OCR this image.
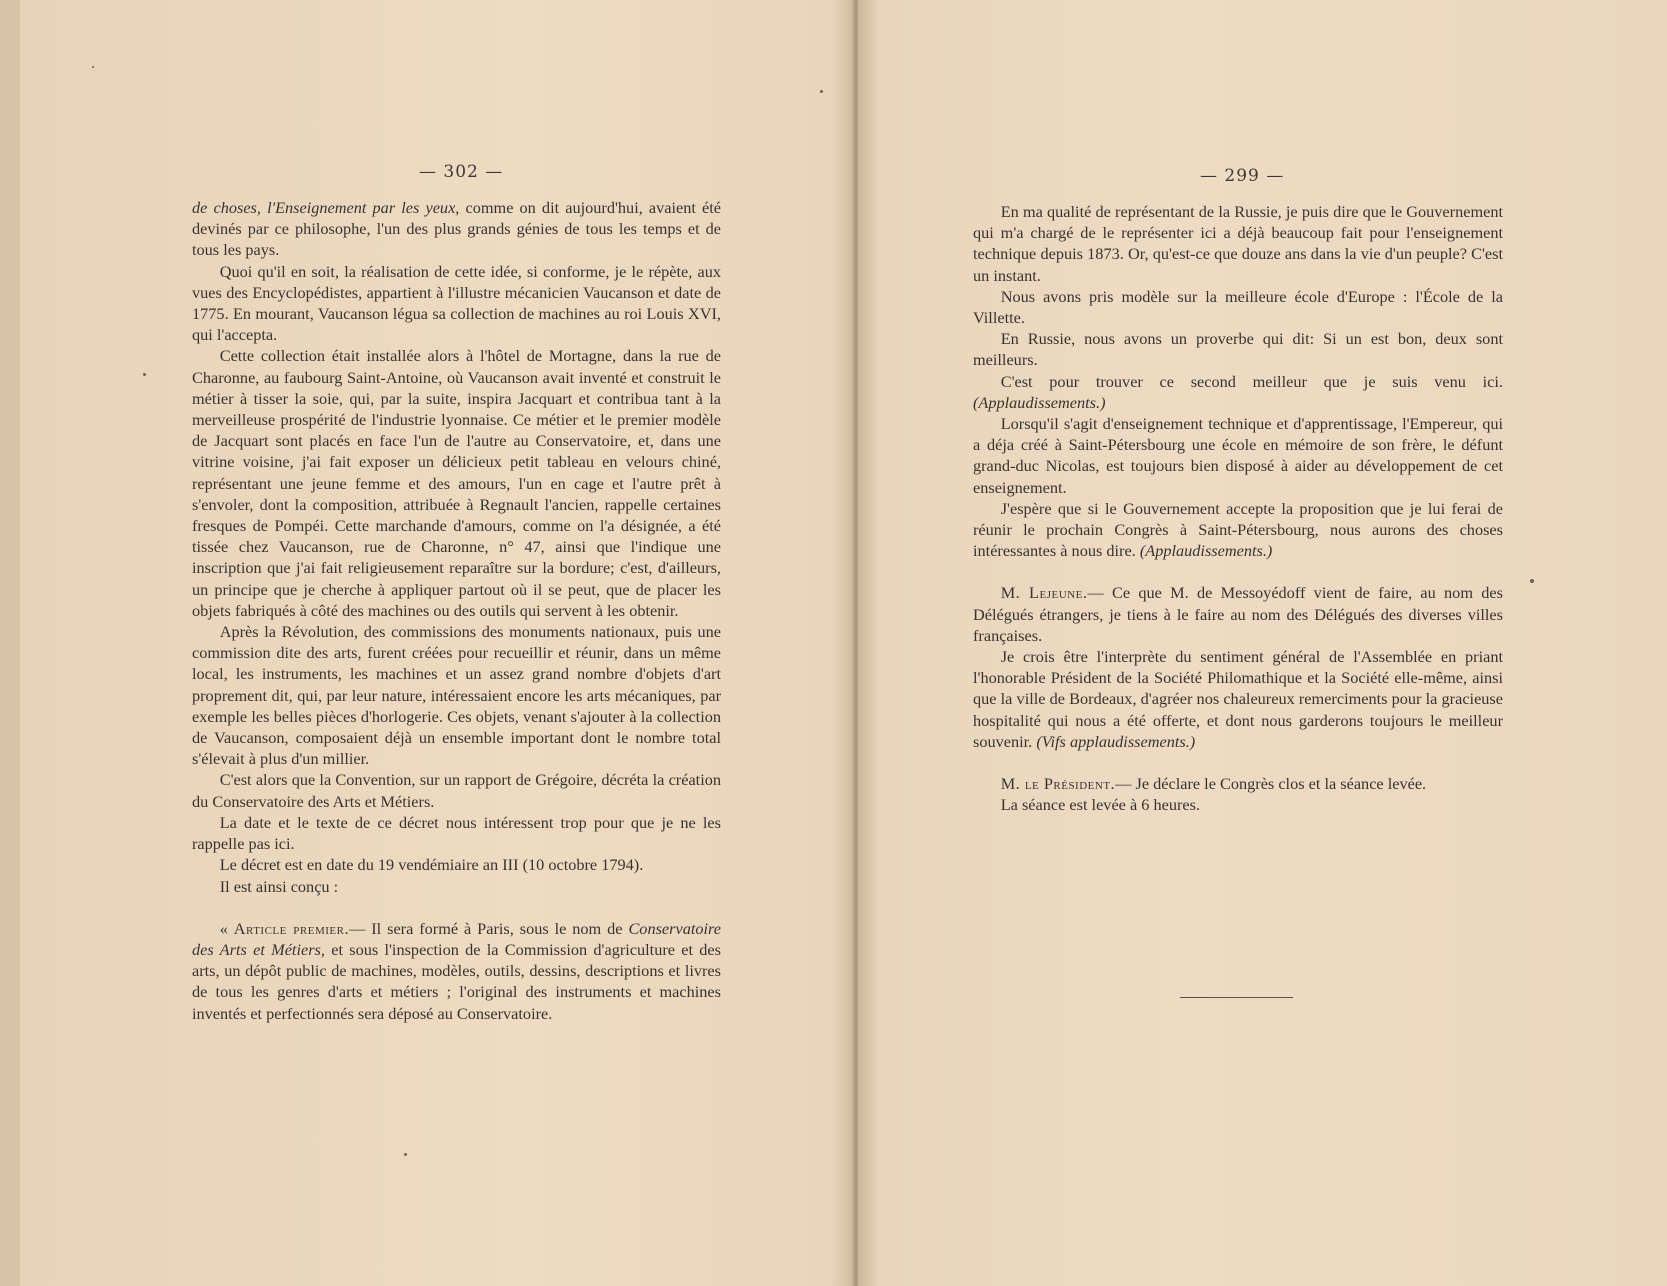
— 302 —

de choses, l'Enseignement par les yeux, comme on dit aujourd'hui, avaient été devinés par ce philosophe, l'un des plus grands génies de tous les temps et de tous les pays.

Quoi qu'il en soit, la réalisation de cette idée, si conforme, je le répète, aux vues des Encyclopédistes, appartient à l'illustre mécanicien Vaucanson et date de 1775. En mourant, Vaucanson légua sa collection de machines au roi Louis XVI, qui l'accepta.

Cette collection était installée alors à l'hôtel de Mortagne, dans la rue de Charonne, au faubourg Saint-Antoine, où Vaucanson avait inventé et construit le métier à tisser la soie, qui, par la suite, inspira Jacquart et contribua tant à la merveilleuse prospérité de l'industrie lyonnaise. Ce métier et le premier modèle de Jacquart sont placés en face l'un de l'autre au Conservatoire, et, dans une vitrine voisine, j'ai fait exposer un délicieux petit tableau en velours chiné, représentant une jeune femme et des amours, l'un en cage et l'autre prêt à s'envoler, dont la composition, attribuée à Regnault l'ancien, rappelle certaines fresques de Pompéi. Cette marchande d'amours, comme on l'a désignée, a été tissée chez Vaucanson, rue de Charonne, n° 47, ainsi que l'indique une inscription que j'ai fait religieusement reparaître sur la bordure; c'est, d'ailleurs, un principe que je cherche à appliquer partout où il se peut, que de placer les objets fabriqués à côté des machines ou des outils qui servent à les obtenir.

Après la Révolution, des commissions des monuments nationaux, puis une commission dite des arts, furent créées pour recueillir et réunir, dans un même local, les instruments, les machines et un assez grand nombre d'objets d'art proprement dit, qui, par leur nature, intéressaient encore les arts mécaniques, par exemple les belles pièces d'horlogerie. Ces objets, venant s'ajouter à la collection de Vaucanson, composaient déjà un ensemble important dont le nombre total s'élevait à plus d'un millier.

C'est alors que la Convention, sur un rapport de Grégoire, décréta la création du Conservatoire des Arts et Métiers.

La date et le texte de ce décret nous intéressent trop pour que je ne les rappelle pas ici.

Le décret est en date du 19 vendémiaire an III (10 octobre 1794).

Il est ainsi conçu :

« Article premier.— Il sera formé à Paris, sous le nom de Conservatoire des Arts et Métiers, et sous l'inspection de la Commission d'agriculture et des arts, un dépôt public de machines, modèles, outils, dessins, descriptions et livres de tous les genres d'arts et métiers ; l'original des instruments et machines inventés et perfectionnés sera déposé au Conservatoire.

— 299 —

En ma qualité de représentant de la Russie, je puis dire que le Gouvernement qui m'a chargé de le représenter ici a déjà beaucoup fait pour l'enseignement technique depuis 1873. Or, qu'est-ce que douze ans dans la vie d'un peuple? C'est un instant.

Nous avons pris modèle sur la meilleure école d'Europe : l'École de la Villette.

En Russie, nous avons un proverbe qui dit: Si un est bon, deux sont meilleurs.

C'est pour trouver ce second meilleur que je suis venu ici. (Applaudissements.)

Lorsqu'il s'agit d'enseignement technique et d'apprentissage, l'Empereur, qui a déja créé à Saint-Pétersbourg une école en mémoire de son frère, le défunt grand-duc Nicolas, est toujours bien disposé à aider au développement de cet enseignement.

J'espère que si le Gouvernement accepte la proposition que je lui ferai de réunir le prochain Congrès à Saint-Pétersbourg, nous aurons des choses intéressantes à nous dire. (Applaudissements.)

M. Lejeune.— Ce que M. de Messoyédoff vient de faire, au nom des Délégués étrangers, je tiens à le faire au nom des Délégués des diverses villes françaises.

Je crois être l'interprète du sentiment général de l'Assemblée en priant l'honorable Président de la Société Philomathique et la Société elle-même, ainsi que la ville de Bordeaux, d'agréer nos chaleureux remerciments pour la gracieuse hospitalité qui nous a été offerte, et dont nous garderons toujours le meilleur souvenir. (Vifs applaudissements.)

M. le Président.— Je déclare le Congrès clos et la séance levée.

La séance est levée à 6 heures.
